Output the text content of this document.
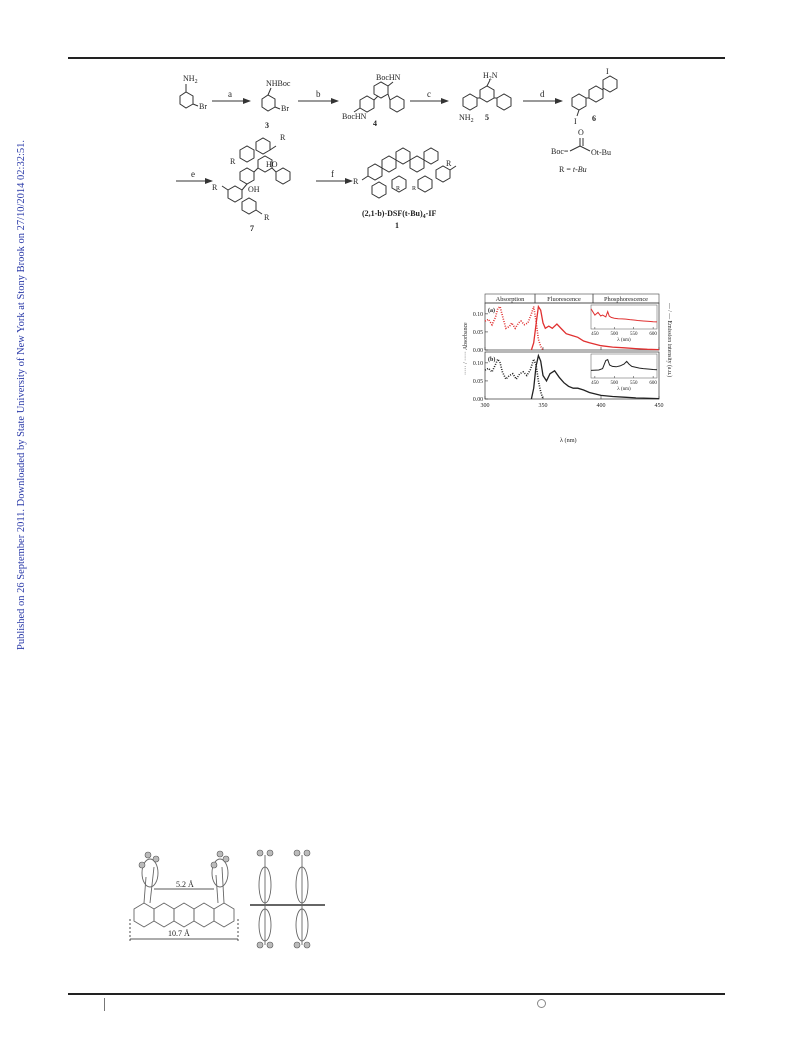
Published on 26 September 2011. Downloaded by State University of New York at Stony Brook on 27/10/2014 02:32:51.
$NH_2$
Br
NHBoc
Br
BocHN
BocHN
$H_2N$
$NH_2$
I
I
R
HO
R
OH
R
R
R
R
R R
a	b	c	d
e	f
3	4
5	6
7	1
$(2,1-b)-DSF(t-Bu)_4-IF$
Boc=
O
Ot-Bu
R = t-Bu
Absorption	Fluorescence	Phosphorescence
(a)
(b)
0.00
0.05
0.10
0.00
0.05
0.10
300	350	400	450
450 500 550 600
λ (nm)
450 500 550 600
λ (nm)
····· / ····· Absorbance	— / — Emission intensity (a.u.)
λ (nm)
5.2 Å
10.7 Å
